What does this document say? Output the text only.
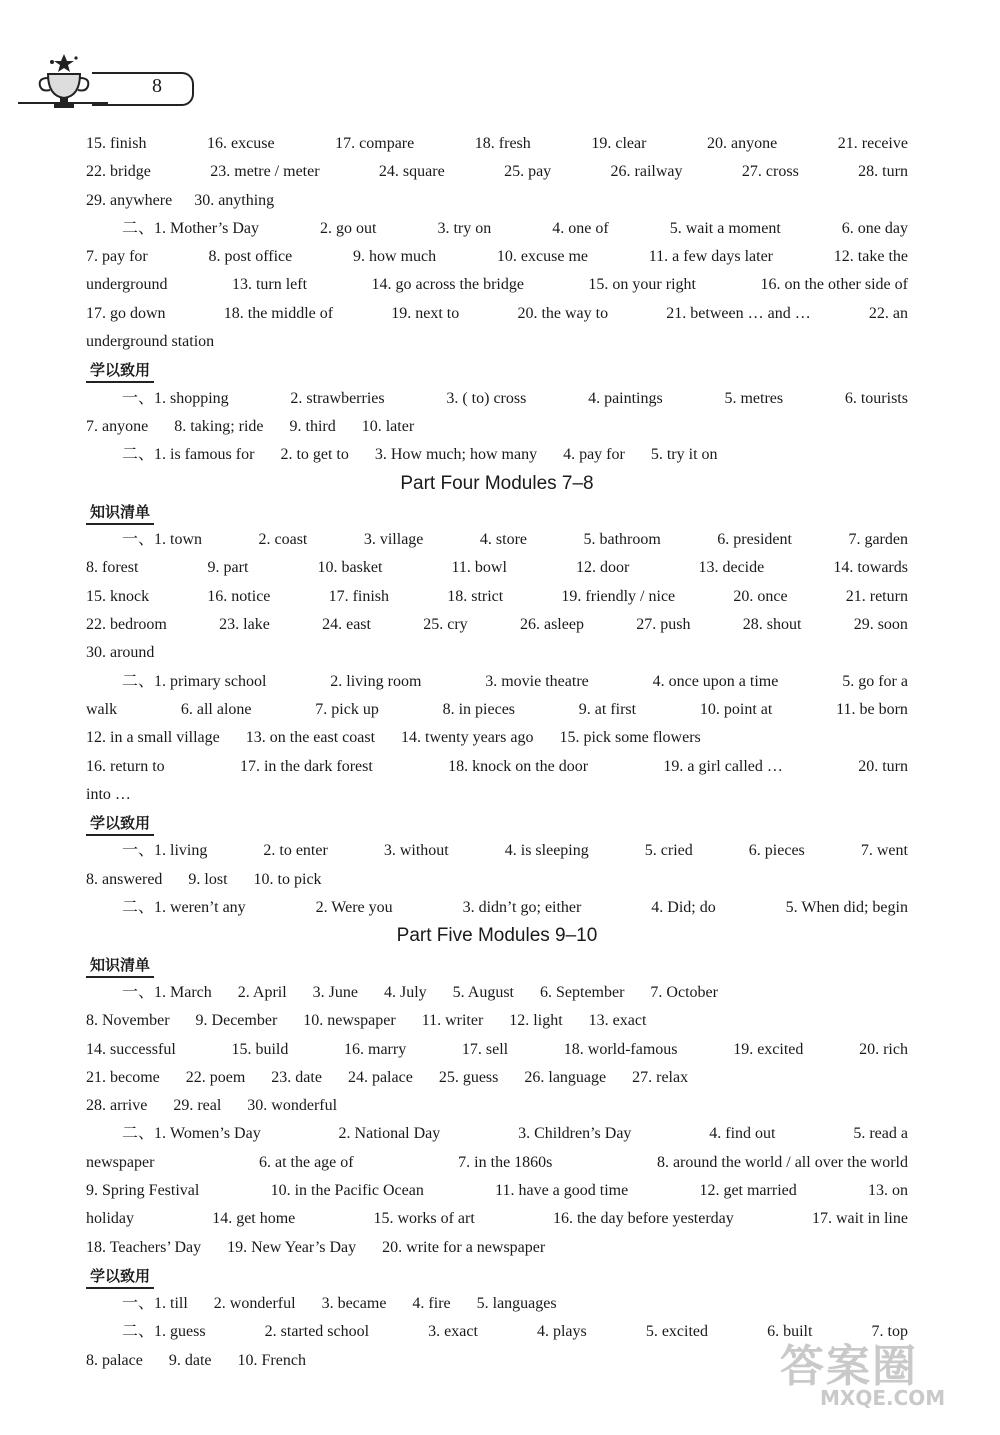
8
15. finish	16. excuse	17. compare	18. fresh	19. clear	20. anyone	21. receive
22. bridge	23. metre / meter	24. square	25. pay	26. railway	27. cross	28. turn
29. anywhere 30. anything
二、1. Mother’s Day	2. go out	3. try on	4. one of	5. wait a moment	6. one day
7. pay for	8. post office	9. how much	10. excuse me	11. a few days later	12. take the
underground	13. turn left	14. go across the bridge	15. on your right	16. on the other side of
17. go down	18. the middle of	19. next to	20. the way to	21. between … and …	22. an
underground station
学以致用
一、1. shopping	2. strawberries	3. ( to) cross	4. paintings	5. metres	6. tourists
7. anyone 8. taking; ride 9. third 10. later
二、1. is famous for 2. to get to 3. How much; how many 4. pay for 5. try it on
Part Four Modules 7–8
知识清单
一、1. town	2. coast	3. village	4. store	5. bathroom	6. president	7. garden
8. forest	9. part	10. basket	11. bowl	12. door	13. decide	14. towards
15. knock	16. notice	17. finish	18. strict	19. friendly / nice	20. once	21. return
22. bedroom	23. lake	24. east	25. cry	26. asleep	27. push	28. shout	29. soon
30. around
二、1. primary school	2. living room	3. movie theatre	4. once upon a time	5. go for a
walk	6. all alone	7. pick up	8. in pieces	9. at first	10. point at	11. be born
12. in a small village 13. on the east coast 14. twenty years ago 15. pick some flowers
16. return to	17. in the dark forest	18. knock on the door	19. a girl called …	20. turn
into …
学以致用
一、1. living	2. to enter	3. without	4. is sleeping	5. cried	6. pieces	7. went
8. answered 9. lost 10. to pick
二、1. weren’t any	2. Were you	3. didn’t go; either	4. Did; do	5. When did; begin
Part Five Modules 9–10
知识清单
一、1. March 2. April 3. June 4. July 5. August 6. September 7. October
8. November 9. December 10. newspaper 11. writer 12. light 13. exact
14. successful	15. build	16. marry	17. sell	18. world-famous	19. excited	20. rich
21. become 22. poem 23. date 24. palace 25. guess 26. language 27. relax
28. arrive 29. real 30. wonderful
二、1. Women’s Day	2. National Day	3. Children’s Day	4. find out	5. read a
newspaper	6. at the age of	7. in the 1860s	8. around the world / all over the world
9. Spring Festival	10. in the Pacific Ocean	11. have a good time	12. get married	13. on
holiday	14. get home	15. works of art	16. the day before yesterday	17. wait in line
18. Teachers’ Day 19. New Year’s Day 20. write for a newspaper
学以致用
一、1. till 2. wonderful 3. became 4. fire 5. languages
二、1. guess	2. started school	3. exact	4. plays	5. excited	6. built	7. top
8. palace 9. date 10. French	答案圈
MXQE.COM
